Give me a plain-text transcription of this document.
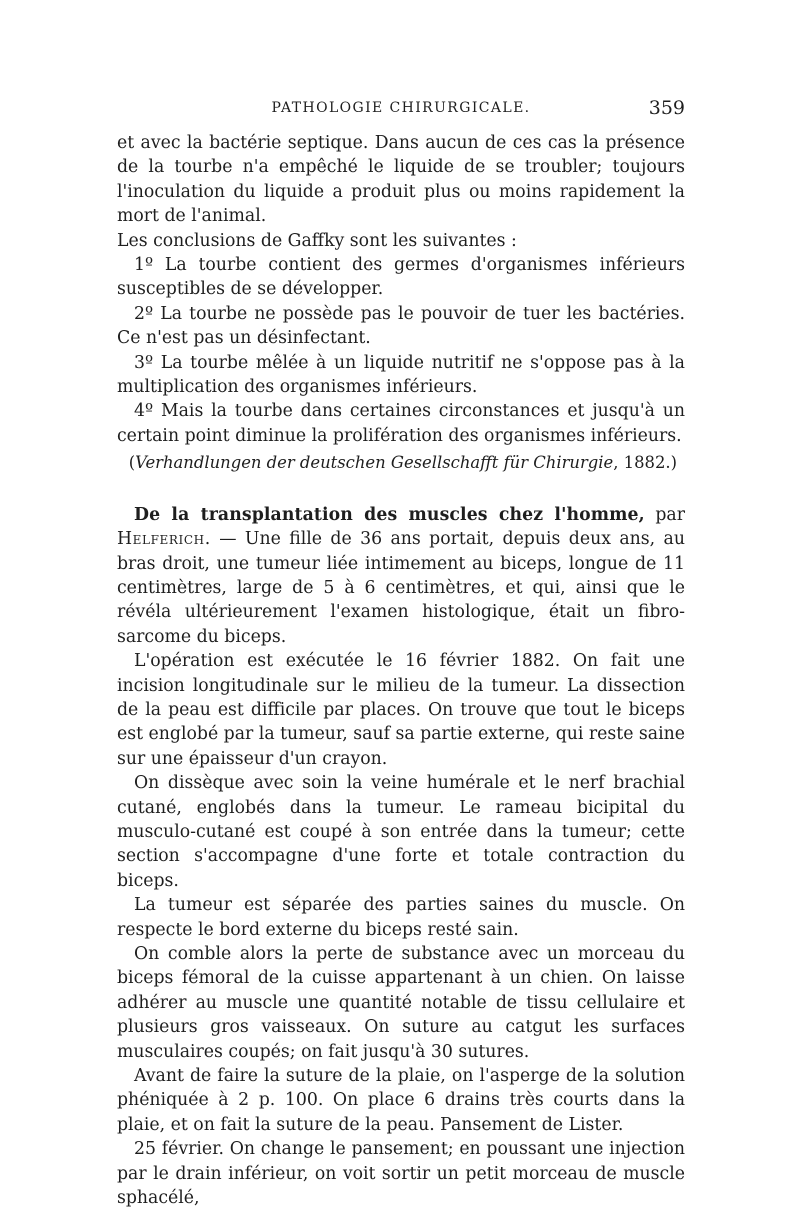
PATHOLOGIE CHIRURGICALE.	359

et avec la bactérie septique. Dans aucun de ces cas la présence de la tourbe n'a empêché le liquide de se troubler; toujours l'inoculation du liquide a produit plus ou moins rapidement la mort de l'animal.

Les conclusions de Gaffky sont les suivantes :

1º La tourbe contient des germes d'organismes inférieurs susceptibles de se développer.

2º La tourbe ne possède pas le pouvoir de tuer les bactéries. Ce n'est pas un désinfectant.

3º La tourbe mêlée à un liquide nutritif ne s'oppose pas à la multiplication des organismes inférieurs.

4º Mais la tourbe dans certaines circonstances et jusqu'à un certain point diminue la prolifération des organismes inférieurs.

(Verhandlungen der deutschen Gesellschafft für Chirurgie, 1882.)

De la transplantation des muscles chez l'homme, par Helferich. — Une fille de 36 ans portait, depuis deux ans, au bras droit, une tumeur liée intimement au biceps, longue de 11 centimètres, large de 5 à 6 centimètres, et qui, ainsi que le révéla ultérieurement l'examen histologique, était un fibro-sarcome du biceps.

L'opération est exécutée le 16 février 1882. On fait une incision longitudinale sur le milieu de la tumeur. La dissection de la peau est difficile par places. On trouve que tout le biceps est englobé par la tumeur, sauf sa partie externe, qui reste saine sur une épaisseur d'un crayon.

On dissèque avec soin la veine humérale et le nerf brachial cutané, englobés dans la tumeur. Le rameau bicipital du musculo-cutané est coupé à son entrée dans la tumeur; cette section s'accompagne d'une forte et totale contraction du biceps.

La tumeur est séparée des parties saines du muscle. On respecte le bord externe du biceps resté sain.

On comble alors la perte de substance avec un morceau du biceps fémoral de la cuisse appartenant à un chien. On laisse adhérer au muscle une quantité notable de tissu cellulaire et plusieurs gros vaisseaux. On suture au catgut les surfaces musculaires coupés; on fait jusqu'à 30 sutures.

Avant de faire la suture de la plaie, on l'asperge de la solution phéniquée à 2 p. 100. On place 6 drains très courts dans la plaie, et on fait la suture de la peau. Pansement de Lister.

25 février. On change le pansement; en poussant une injection par le drain inférieur, on voit sortir un petit morceau de muscle sphacélé,
